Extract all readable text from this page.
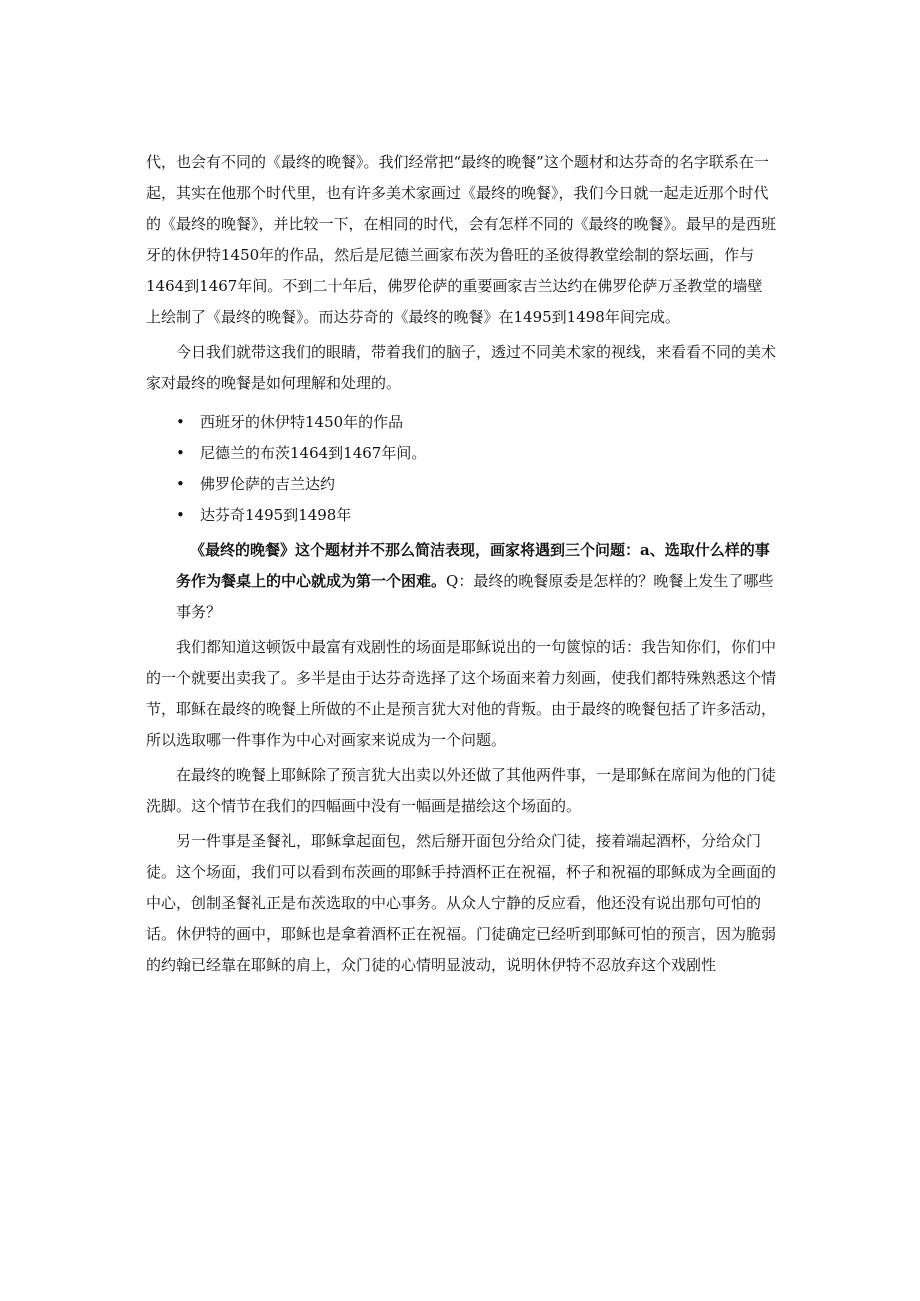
代，也会有不同的《最终的晚餐》。我们经常把“最终的晚餐”这个题材和达芬奇的名字联系在一起，其实在他那个时代里，也有许多美术家画过《最终的晚餐》，我们今日就一起走近那个时代的《最终的晚餐》，并比较一下，在相同的时代，会有怎样不同的《最终的晚餐》。最早的是西班牙的休伊特1450年的作品，然后是尼德兰画家布茨为鲁旺的圣彼得教堂绘制的祭坛画，作与1464到1467年间。不到二十年后，佛罗伦萨的重要画家吉兰达约在佛罗伦萨万圣教堂的墙壁上绘制了《最终的晚餐》。而达芬奇的《最终的晚餐》在1495到1498年间完成。

今日我们就带这我们的眼睛，带着我们的脑子，透过不同美术家的视线，来看看不同的美术家对最终的晚餐是如何理解和处理的。

• 西班牙的休伊特1450年的作品
• 尼德兰的布茨1464到1467年间。
• 佛罗伦萨的吉兰达约
• 达芬奇1495到1498年

《最终的晚餐》这个题材并不那么简洁表现，画家将遇到三个问题：a、选取什么样的事务作为餐桌上的中心就成为第一个困难。Q：最终的晚餐原委是怎样的？晚餐上发生了哪些事务？

我们都知道这顿饭中最富有戏剧性的场面是耶稣说出的一句篋惊的话：我告知你们，你们中的一个就要出卖我了。多半是由于达芬奇选择了这个场面来着力刻画，使我们都特殊熟悉这个情节，耶稣在最终的晚餐上所做的不止是预言犹大对他的背叛。由于最终的晚餐包括了许多活动，所以选取哪一件事作为中心对画家来说成为一个问题。

在最终的晚餐上耶稣除了预言犹大出卖以外还做了其他两件事，一是耶稣在席间为他的门徒洗脚。这个情节在我们的四幅画中没有一幅画是描绘这个场面的。

另一件事是圣餐礼，耶稣拿起面包，然后掰开面包分给众门徒，接着端起酒杯，分给众门徒。这个场面，我们可以看到布茨画的耶稣手持酒杯正在祝福，杯子和祝福的耶稣成为全画面的中心，创制圣餐礼正是布茨选取的中心事务。从众人宁静的反应看，他还没有说出那句可怕的话。休伊特的画中，耶稣也是拿着酒杯正在祝福。门徒确定已经听到耶稣可怕的预言，因为脆弱的约翰已经靠在耶稣的肩上，众门徒的心情明显波动，说明休伊特不忍放弃这个戏剧性
